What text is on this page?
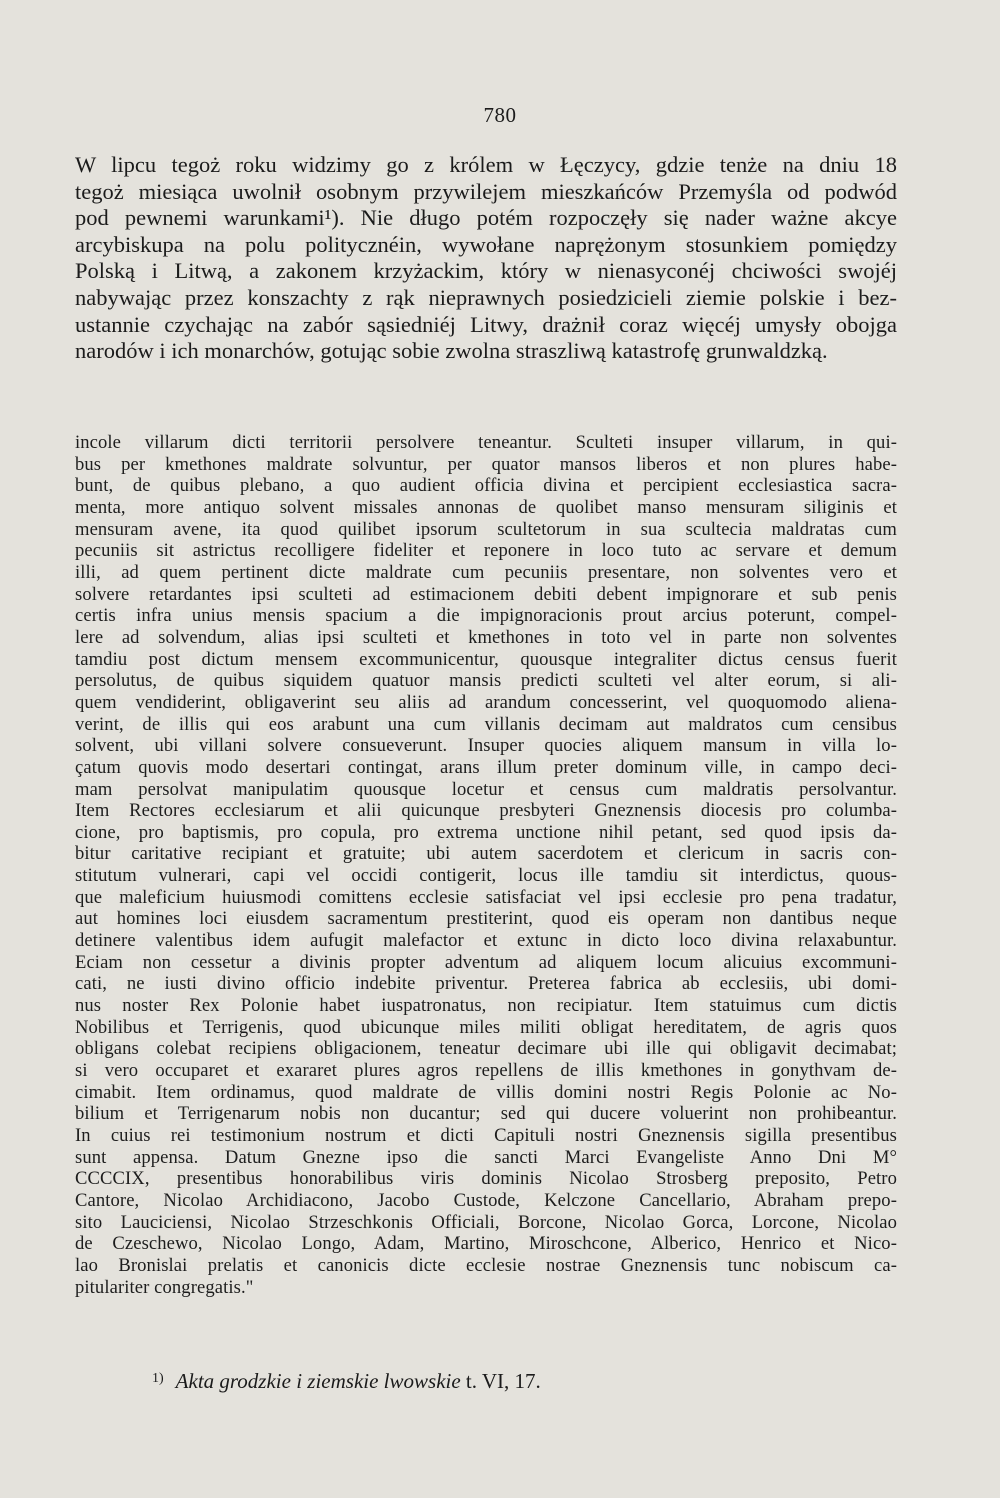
780
W lipcu tegoż roku widzimy go z królem w Łęczycy, gdzie tenże na dniu 18
tegoż miesiąca uwolnił osobnym przywilejem mieszkańców Przemyśla od podwód
pod pewnemi warunkami¹). Nie długo potém rozpoczęły się nader ważne akcye
arcybiskupa na polu politycznéin, wywołane naprężonym stosunkiem pomiędzy
Polską i Litwą, a zakonem krzyżackim, który w nienasyconéj chciwości swojéj
nabywając przez konszachty z rąk nieprawnych posiedzicieli ziemie polskie i bez-
ustannie czychając na zabór sąsiedniéj Litwy, drażnił coraz więcéj umysły obojga
narodów i ich monarchów, gotując sobie zwolna straszliwą katastrofę grunwaldzką.
incole villarum dicti territorii persolvere teneantur. Sculteti insuper villarum, in qui-
bus per kmethones maldrate solvuntur, per quator mansos liberos et non plures habe-
bunt, de quibus plebano, a quo audient officia divina et percipient ecclesiastica sacra-
menta, more antiquo solvent missales annonas de quolibet manso mensuram siliginis et
mensuram avene, ita quod quilibet ipsorum scultetorum in sua scultecia maldratas cum
pecuniis sit astrictus recolligere fideliter et reponere in loco tuto ac servare et demum
illi, ad quem pertinent dicte maldrate cum pecuniis presentare, non solventes vero et
solvere retardantes ipsi sculteti ad estimacionem debiti debent impignorare et sub penis
certis infra unius mensis spacium a die impignoracionis prout arcius poterunt, compel-
lere ad solvendum, alias ipsi sculteti et kmethones in toto vel in parte non solventes
tamdiu post dictum mensem excommunicentur, quousque integraliter dictus census fuerit
persolutus, de quibus siquidem quatuor mansis predicti sculteti vel alter eorum, si ali-
quem vendiderint, obligaverint seu aliis ad arandum concesserint, vel quoquomodo aliena-
verint, de illis qui eos arabunt una cum villanis decimam aut maldratos cum censibus
solvent, ubi villani solvere consueverunt. Insuper quocies aliquem mansum in villa lo-
çatum quovis modo desertari contingat, arans illum preter dominum ville, in campo deci-
mam persolvat manipulatim quousque locetur et census cum maldratis persolvantur.
Item Rectores ecclesiarum et alii quicunque presbyteri Gneznensis diocesis pro columba-
cione, pro baptismis, pro copula, pro extrema unctione nihil petant, sed quod ipsis da-
bitur caritative recipiant et gratuite; ubi autem sacerdotem et clericum in sacris con-
stitutum vulnerari, capi vel occidi contigerit, locus ille tamdiu sit interdictus, quous-
que maleficium huiusmodi comittens ecclesie satisfaciat vel ipsi ecclesie pro pena tradatur,
aut homines loci eiusdem sacramentum prestiterint, quod eis operam non dantibus neque
detinere valentibus idem aufugit malefactor et extunc in dicto loco divina relaxabuntur.
Eciam non cessetur a divinis propter adventum ad aliquem locum alicuius excommuni-
cati, ne iusti divino officio indebite priventur. Preterea fabrica ab ecclesiis, ubi domi-
nus noster Rex Polonie habet iuspatronatus, non recipiatur. Item statuimus cum dictis
Nobilibus et Terrigenis, quod ubicunque miles militi obligat hereditatem, de agris quos
obligans colebat recipiens obligacionem, teneatur decimare ubi ille qui obligavit decimabat;
si vero occuparet et exararet plures agros repellens de illis kmethones in gonythvam de-
cimabit. Item ordinamus, quod maldrate de villis domini nostri Regis Polonie ac No-
bilium et Terrigenarum nobis non ducantur; sed qui ducere voluerint non prohibeantur.
In cuius rei testimonium nostrum et dicti Capituli nostri Gneznensis sigilla presentibus
sunt appensa. Datum Gnezne ipso die sancti Marci Evangeliste Anno Dni M°
CCCCIX, presentibus honorabilibus viris dominis Nicolao Strosberg preposito, Petro
Cantore, Nicolao Archidiacono, Jacobo Custode, Kelczone Cancellario, Abraham prepo-
sito Lauciciensi, Nicolao Strzeschkonis Officiali, Borcone, Nicolao Gorca, Lorcone, Nicolao
de Czeschewo, Nicolao Longo, Adam, Martino, Miroschcone, Alberico, Henrico et Nico-
lao Bronislai prelatis et canonicis dicte ecclesie nostrae Gneznensis tunc nobiscum ca-
pitulariter congregatis."
$^{1)}$ Akta grodzkie i ziemskie lwowskie t. VI, 17.
